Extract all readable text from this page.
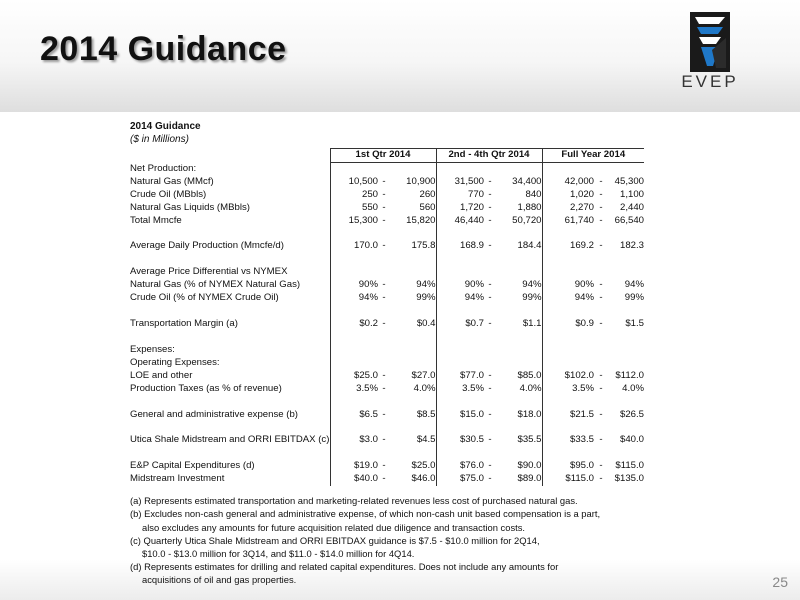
2014 Guidance
EVEP
25
2014 Guidance
($ in Millions)
	1st Qtr 2014			2nd - 4th Qtr 2014			Full Year 2014		
Net Production:									
Natural Gas (MMcf)	10,500	-	10,900	31,500	-	34,400	42,000	-	45,300
Crude Oil (MBbls)	250	-	260	770	-	840	1,020	-	1,100
Natural Gas Liquids (MBbls)	550	-	560	1,720	-	1,880	2,270	-	2,440
Total Mmcfe	15,300	-	15,820	46,440	-	50,720	61,740	-	66,540

Average Daily Production (Mmcfe/d)	170.0	-	175.8	168.9	-	184.4	169.2	-	182.3

Average Price Differential vs NYMEX									
Natural Gas (% of NYMEX Natural Gas)	90%	-	94%	90%	-	94%	90%	-	94%
Crude Oil (% of NYMEX Crude Oil)	94%	-	99%	94%	-	99%	94%	-	99%

Transportation Margin (a)	$0.2	-	$0.4	$0.7	-	$1.1	$0.9	-	$1.5

Expenses:									
Operating Expenses:									
LOE and other	$25.0	-	$27.0	$77.0	-	$85.0	$102.0	-	$112.0
Production Taxes (as % of revenue)	3.5%	-	4.0%	3.5%	-	4.0%	3.5%	-	4.0%

General and administrative expense (b)	$6.5	-	$8.5	$15.0	-	$18.0	$21.5	-	$26.5

Utica Shale Midstream and ORRI EBITDAX (c)	$3.0	-	$4.5	$30.5	-	$35.5	$33.5	-	$40.0

E&P Capital Expenditures (d)	$19.0	-	$25.0	$76.0	-	$90.0	$95.0	-	$115.0
Midstream Investment	$40.0	-	$46.0	$75.0	-	$89.0	$115.0	-	$135.0
(a) Represents estimated transportation and marketing-related revenues less cost of purchased natural gas.
(b) Excludes non-cash general and administrative expense, of which non-cash unit based compensation is a part,
also excludes any amounts for future acquisition related due diligence and transaction costs.
(c) Quarterly Utica Shale Midstream and ORRI EBITDAX guidance is $7.5 - $10.0 million for 2Q14,
$10.0 - $13.0 million for 3Q14, and $11.0 - $14.0 million for 4Q14.
(d) Represents estimates for drilling and related capital expenditures. Does not include any amounts for
acquisitions of oil and gas properties.
